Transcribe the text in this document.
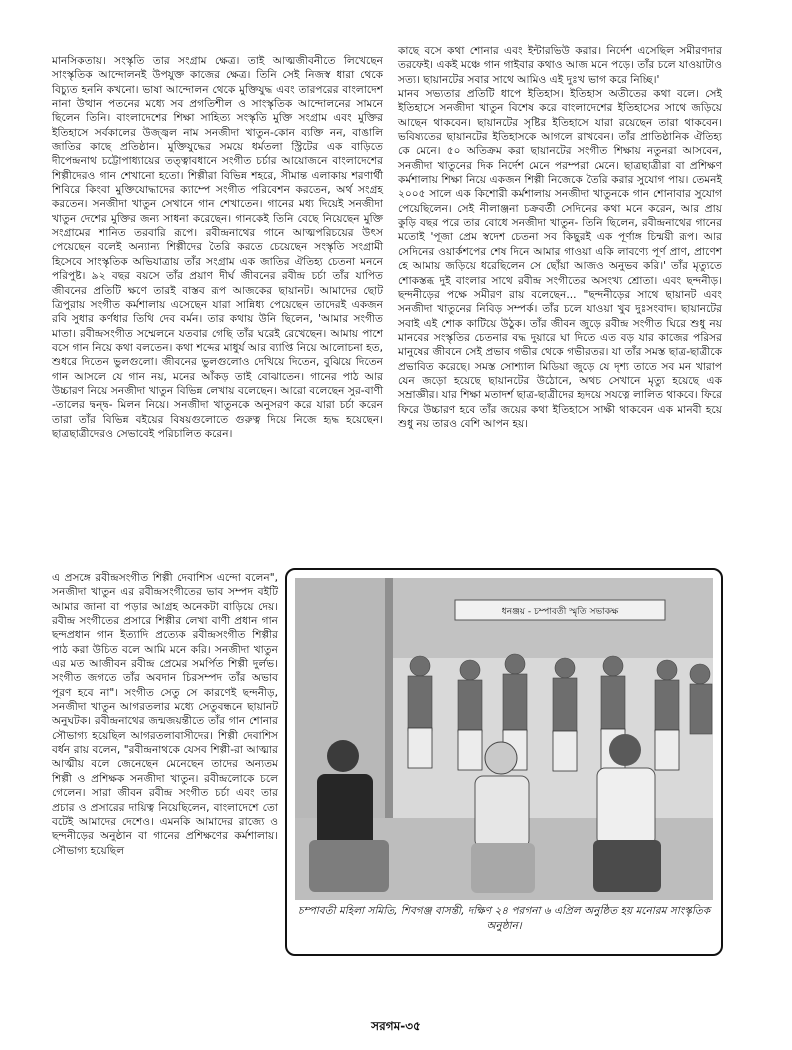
মানসিকতায়। সংস্কৃতি তার সংগ্রাম ক্ষেত্র। তাই আত্মজীবনীতে লিখেছেন সাংস্কৃতিক আন্দোলনই উপযুক্ত কাজের ক্ষেত্র। তিনি সেই নিজস্ব ধারা থেকে বিচ্যুত হননি কখনো। ভাষা আন্দোলন থেকে মুক্তিযুদ্ধ এবং তারপরের বাংলাদেশ নানা উত্থান পতনের মধ্যে সব প্রগতিশীল ও সাংস্কৃতিক আন্দোলনের সামনে ছিলেন তিনি। বাংলাদেশের শিক্ষা সাহিত্য সংস্কৃতি মুক্তি সংগ্রাম এবং মুক্তির ইতিহাসে সর্বকালের উজ্জ্বল নাম সনজীদা খাতুন-কোন ব্যক্তি নন, বাঙালি জাতির কাছে প্রতিষ্ঠান। মুক্তিযুদ্ধের সময়ে ধর্মতলা স্ট্রিটের এক বাড়িতে দীপেন্দ্রনাথ চট্টোপাধ্যায়ের তত্ত্বাবধানে সংগীত চর্চার আয়োজনে বাংলাদেশের শিল্পীদেরও গান শেখানো হতো। শিল্পীরা বিভিন্ন শহরে, সীমান্ত এলাকায় শরণার্থী শিবিরে কিংবা মুক্তিযোদ্ধাদের ক্যাম্পে সংগীত পরিবেশন করতেন, অর্থ সংগ্রহ করতেন। সনজীদা খাতুন সেখানে গান শেখাতেন। গানের মধ্য দিয়েই সনজীদা খাতুন দেশের মুক্তির জন্য সাধনা করেছেন। গানকেই তিনি বেছে নিয়েছেন মুক্তি সংগ্রামের শানিত তরবারি রূপে। রবীন্দ্রনাথের গানে আত্মপরিচয়ের উৎস পেয়েছেন বলেই অন্যান্য শিল্পীদের তৈরি করতে চেয়েছেন সংস্কৃতি সংগ্রামী হিসেবে সাংস্কৃতিক অভিযাত্রায় তাঁর সংগ্রাম এক জাতির ঐতিহ্য চেতনা মননে পরিপুষ্ট। ৯২ বছর বয়সে তাঁর প্রয়াণ দীর্ঘ জীবনের রবীন্দ্র চর্চা তাঁর যাপিত জীবনের প্রতিটি ক্ষণে তারই বাস্তব রূপ আজকের ছায়ানট। আমাদের ছোট ত্রিপুরায় সংগীত কর্মশালায় এসেছেন যারা সান্নিধ্য পেয়েছেন তাদেরই একজন রবি সুধার কর্ণধার তিথি দেব বর্মন। তার কথায় উনি ছিলেন, 'আমার সংগীত মাতা। রবীন্দ্রসংগীত সম্মেলনে যতবার গেছি তাঁর ঘরেই রেখেছেন। আমায় পাশে বসে গান নিয়ে কথা বলতেন। কথা শব্দের মাধুর্য আর ব্যাপ্তি নিয়ে আলোচনা হত, শুধরে দিতেন ভুলগুলো। জীবনের ভুলগুলোও দেখিয়ে দিতেন, বুঝিয়ে দিতেন গান আসলে যে গান নয়, মনের আঁকড় তাই বোঝাতেন। গানের পাঠ আর উচ্চারণ নিয়ে সনজীদা খাতুন বিভিন্ন লেখায় বলেছেন। আরো বলেছেন সুর-বাণী -তালের দ্বন্দ্ব- মিলন নিয়ে। সনজীদা খাতুনকে অনুসরণ করে যারা চর্চা করেন তারা তাঁর বিভিন্ন বইয়ের বিষয়গুলোতে গুরুত্ব দিয়ে নিজে হৃদ্ধ হয়েছেন। ছাত্রছাত্রীদেরও সেভাবেই পরিচালিত করেন।

এ প্রসঙ্গে রবীন্দ্রসংগীত শিল্পী দেবাশিস এন্দো বলেন", সনজীদা খাতুন এর রবীন্দ্রসংগীতের ভাব সম্পদ বইটি আমার জানা বা পড়ার আগ্রহ অনেকটা বাড়িয়ে দেয়। রবীন্দ্র সংগীতের প্রসারে শিল্পীর লেখা বাণী প্রধান গান ছন্দপ্রধান গান ইত্যাদি প্রত্যেক রবীন্দ্রসংগীত শিল্পীর পাঠ করা উচিত বলে আমি মনে করি। সনজীদা খাতুন এর মত আজীবন রবীন্দ্র প্রেমের সমর্পিত শিল্পী দুর্লভ। সংগীত জগতে তাঁর অবদান চিরসম্পদ তাঁর অভাব পূরণ হবে না"। সংগীত সেতু সে কারণেই ছন্দনীড়, সনজীদা খাতুন আগরতলার মধ্যে সেতুবন্ধনে ছায়ানট অনুঘটক। রবীন্দ্রনাথের জন্মজয়ন্তীতে তাঁর গান শোনার সৌভাগ্য হয়েছিল আগরতলাবাসীদের। শিল্পী দেবাশিস বর্ধন রায় বলেন, "রবীন্দ্রনাথকে যেসব শিল্পী-রা আত্মার আত্মীয় বলে জেনেছেন মেনেছেন তাদের অন্যতম শিল্পী ও প্রশিক্ষক সনজীদা খাতুন। রবীন্দ্রলোকে চলে গেলেন। সারা জীবন রবীন্দ্র সংগীত চর্চা এবং তার প্রচার ও প্রসারের দায়িত্ব নিয়েছিলেন, বাংলাদেশে তো বটেই আমাদের দেশেও। এমনকি আমাদের রাজ্যে ও ছন্দনীড়ের অনুষ্ঠান বা গানের প্রশিক্ষণের কর্মশালায়। সৌভাগ্য হয়েছিল

কাছে বসে কথা শোনার এবং ইন্টারভিউ করার। নির্দেশ এসেছিল সমীরণদার তরফেই। একই মঞ্চে গান গাইবার কথাও আজ মনে পড়ে। তাঁর চলে যাওয়াটাও সত্য। ছায়ানটের সবার সাথে আমিও এই দুঃখ ভাগ করে নিচ্ছি।'

মানব সভ্যতার প্রতিটি ধাপে ইতিহাস। ইতিহাস অতীতের কথা বলে। সেই ইতিহাসে সনজীদা খাতুন বিশেষ করে বাংলাদেশের ইতিহাসের সাথে জড়িয়ে আছেন থাকবেন। ছায়ানটের সৃষ্টির ইতিহাসে যারা রয়েছেন তারা থাকবেন। ভবিষ্যতের ছায়ানটের ইতিহাসকে আগলে রাখবেন। তাঁর প্রাতিষ্ঠানিক ঐতিহ্য কে মেনে। ৫০ অতিক্রম করা ছায়ানটের সংগীত শিক্ষায় নতুনরা আসবেন, সনজীদা খাতুনের দিক নির্দেশ মেনে পরম্পরা মেনে। ছাত্রছাত্রীরা বা প্রশিক্ষণ কর্মশালায় শিক্ষা নিয়ে একজন শিল্পী নিজেকে তৈরি করার সুযোগ পায়। তেমনই ২০০৫ সালে এক কিশোরী কর্মশালায় সনজীদা খাতুনকে গান শোনাবার সুযোগ পেয়েছিলেন। সেই নীলাঞ্জনা চক্রবর্তী সেদিনের কথা মনে করেন, আর প্রায় কুড়ি বছর পরে তার বোধে সনজীদা খাতুন- তিনি ছিলেন, রবীন্দ্রনাথের গানের মতোই 'পূজা প্রেম স্বদেশ চেতনা সব কিছুরই এক পূর্ণাঙ্গ চিন্ময়ী রূপ। আর সেদিনের ওয়ার্কশপের শেষ দিনে আমার গাওয়া একি লাবণ্যে পূর্ণ প্রাণ, প্রাণেশ হে আমায় জড়িয়ে ধরেছিলেন সে ছোঁয়া আজও অনুভব করি।' তাঁর মৃত্যুতে শোকস্তব্ধ দুই বাংলার সাথে রবীন্দ্র সংগীতের অসংখ্য শ্রোতা। এবং ছন্দনীড়। ছন্দনীড়ের পক্ষে সমীরণ রায় বলেছেন... "ছন্দনীড়ের সাথে ছায়ানট এবং সনজীদা খাতুনের নিবিড় সম্পর্ক। তাঁর চলে যাওয়া খুব দুঃসংবাদ। ছায়ানটের সবাই এই শোক কাটিয়ে উঠুক। তাঁর জীবন জুড়ে রবীন্দ্র সংগীত ঘিরে শুধু নয় মানবের সংস্কৃতির চেতনার বদ্ধ দুয়ারে ঘা দিতে এত বড় যার কাজের পরিসর মানুষের জীবনে সেই প্রভাব গভীর থেকে গভীরতর। যা তাঁর সমস্ত ছাত্র-ছাত্রীকে প্রভাবিত করেছে। সমস্ত সোশ্যাল মিডিয়া জুড়ে যে দৃশ্য তাতে সব মন খারাপ যেন জড়ো হয়েছে ছায়ানটের উঠোনে, অথচ সেখানে মৃত্যু হয়েছে এক সম্রাজ্ঞীর। যার শিক্ষা মতাদর্শ ছাত্র-ছাত্রীদের হৃদয়ে সযত্নে লালিত থাকবে। ফিরে ফিরে উচ্চারণ হবে তাঁর জয়ের কথা ইতিহাসে সাক্ষী থাকবেন এক মানবী হয়ে শুধু নয় তারও বেশি আপন হয়।

ধনঞ্জয় - চম্পাবতী স্মৃতি সভাকক্ষ
চম্পাবতী মহিলা সমিতি, শিবগঞ্জ বাসন্তী, দক্ষিণ ২৪ পরগনা ৬ এপ্রিল অনুষ্ঠিত হয় মনোরম সাংস্কৃতিক অনুষ্ঠান।
সরগম-৩৫
